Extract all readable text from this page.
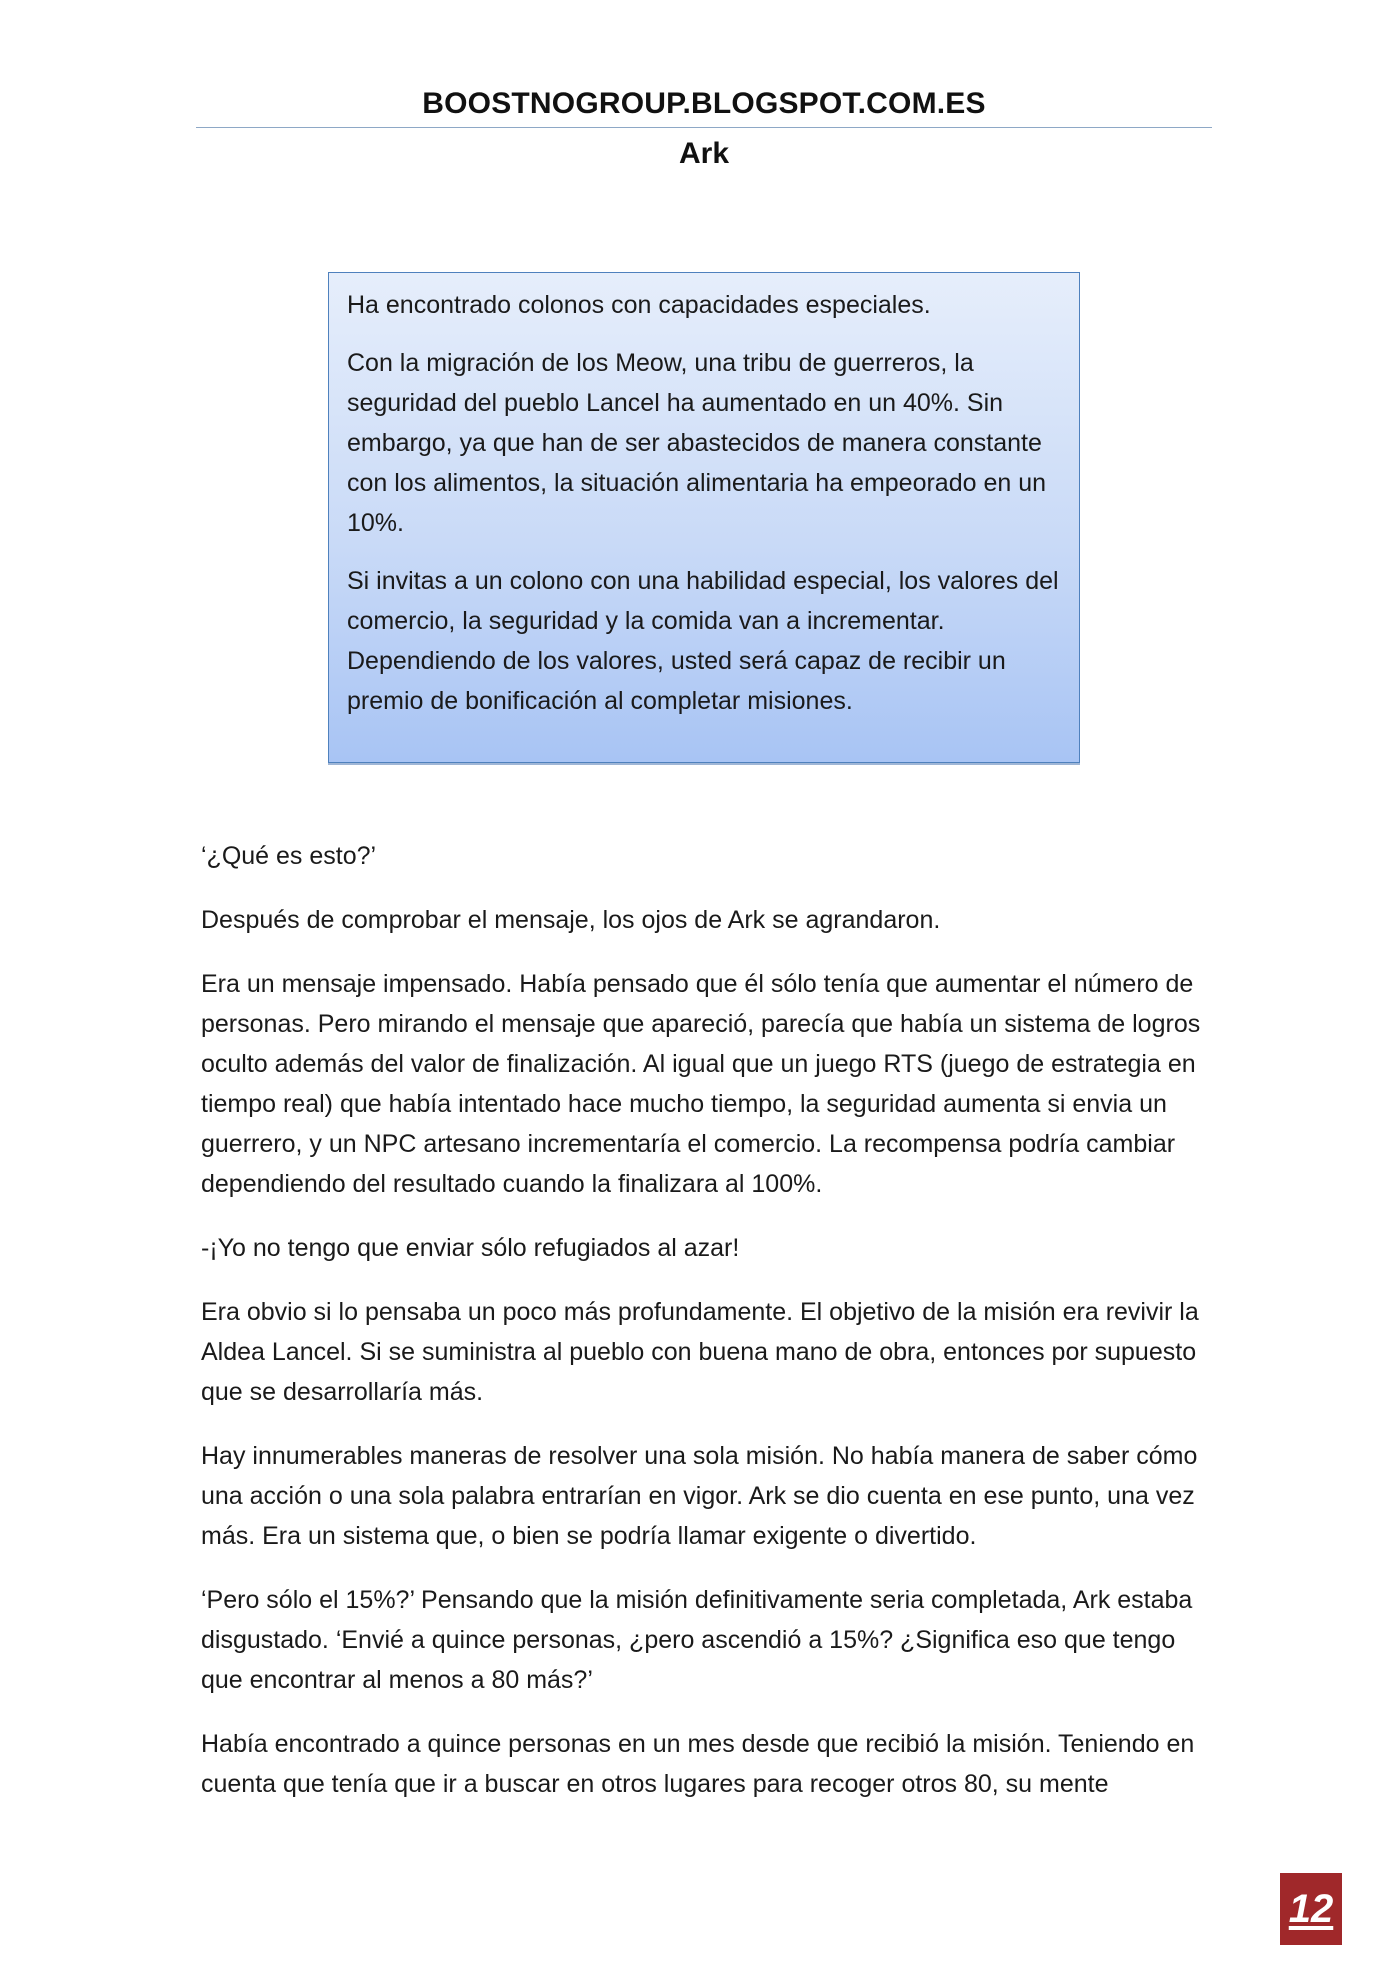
BOOSTNOGROUP.BLOGSPOT.COM.ES
Ark

Ha encontrado colonos con capacidades especiales.

Con la migración de los Meow, una tribu de guerreros, la seguridad del pueblo Lancel ha aumentado en un 40%. Sin embargo, ya que han de ser abastecidos de manera constante con los alimentos, la situación alimentaria ha empeorado en un 10%.

Si invitas a un colono con una habilidad especial, los valores del comercio, la seguridad y la comida van a incrementar. Dependiendo de los valores, usted será capaz de recibir un premio de bonificación al completar misiones.

‘¿Qué es esto?’

Después de comprobar el mensaje, los ojos de Ark se agrandaron.

Era un mensaje impensado. Había pensado que él sólo tenía que aumentar el número de personas. Pero mirando el mensaje que apareció, parecía que había un sistema de logros oculto además del valor de finalización. Al igual que un juego RTS (juego de estrategia en tiempo real) que había intentado hace mucho tiempo, la seguridad aumenta si envia un guerrero, y un NPC artesano incrementaría el comercio. La recompensa podría cambiar dependiendo del resultado cuando la finalizara al 100%.

-¡Yo no tengo que enviar sólo refugiados al azar!

Era obvio si lo pensaba un poco más profundamente. El objetivo de la misión era revivir la Aldea Lancel. Si se suministra al pueblo con buena mano de obra, entonces por supuesto que se desarrollaría más.

Hay innumerables maneras de resolver una sola misión. No había manera de saber cómo una acción o una sola palabra entrarían en vigor. Ark se dio cuenta en ese punto, una vez más. Era un sistema que, o bien se podría llamar exigente o divertido.

‘Pero sólo el 15%?’ Pensando que la misión definitivamente seria completada, Ark estaba disgustado. ‘Envié a quince personas, ¿pero ascendió a 15%? ¿Significa eso que tengo que encontrar al menos a 80 más?’

Había encontrado a quince personas en un mes desde que recibió la misión. Teniendo en cuenta que tenía que ir a buscar en otros lugares para recoger otros 80, su mente

12
